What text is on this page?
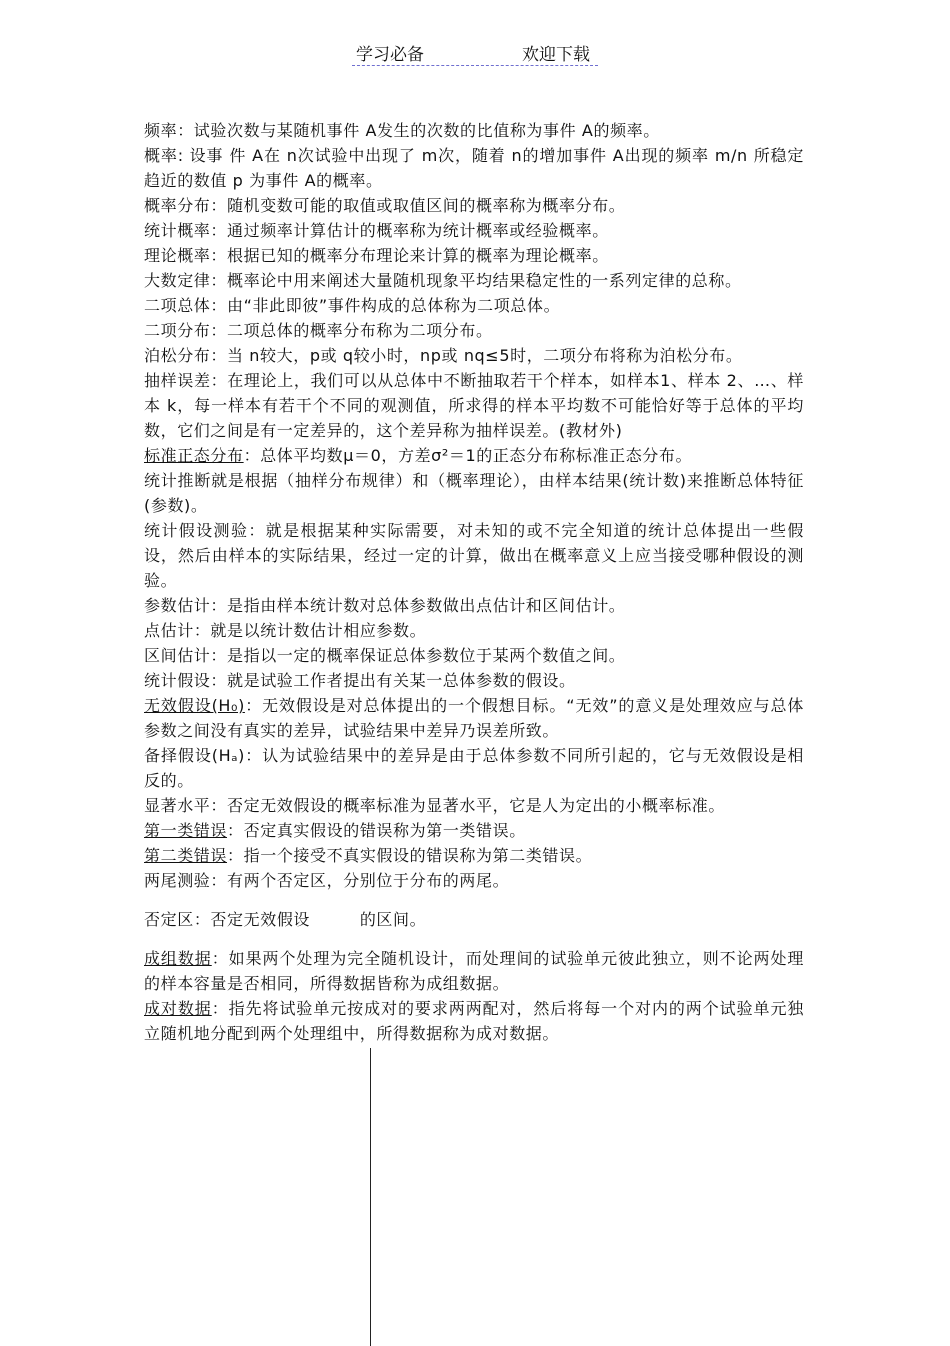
学习必备	欢迎下载

频率：试验次数与某随机事件 A发生的次数的比值称为事件 A的频率。

概率: 设事 件 A在 n次试验中出现了 m次，随着 n的增加事件 A出现的频率 m/n 所稳定趋近的数值 p 为事件 A的概率。

概率分布：随机变数可能的取值或取值区间的概率称为概率分布。

统计概率：通过频率计算估计的概率称为统计概率或经验概率。

理论概率：根据已知的概率分布理论来计算的概率为理论概率。

大数定律：概率论中用来阐述大量随机现象平均结果稳定性的一系列定律的总称。

二项总体：由“非此即彼”事件构成的总体称为二项总体。

二项分布：二项总体的概率分布称为二项分布。

泊松分布：当 n较大，p或 q较小时，np或 nq≤5时，二项分布将称为泊松分布。

抽样误差：在理论上，我们可以从总体中不断抽取若干个样本，如样本1、样本 2、…、样本 k，每一样本有若干个不同的观测值，所求得的样本平均数不可能恰好等于总体的平均数，它们之间是有一定差异的，这个差异称为抽样误差。(教材外)

标准正态分布：总体平均数μ＝0，方差σ²＝1的正态分布称标准正态分布。

统计推断就是根据（抽样分布规律）和（概率理论），由样本结果(统计数)来推断总体特征(参数)。

统计假设测验：就是根据某种实际需要，对未知的或不完全知道的统计总体提出一些假设，然后由样本的实际结果，经过一定的计算，做出在概率意义上应当接受哪种假设的测验。

参数估计：是指由样本统计数对总体参数做出点估计和区间估计。

点估计：就是以统计数估计相应参数。

区间估计：是指以一定的概率保证总体参数位于某两个数值之间。

统计假设：就是试验工作者提出有关某一总体参数的假设。

无效假设(H₀)：无效假设是对总体提出的一个假想目标。“无效”的意义是处理效应与总体参数之间没有真实的差异，试验结果中差异乃误差所致。

备择假设(Hₐ)：认为试验结果中的差异是由于总体参数不同所引起的，它与无效假设是相反的。

显著水平：否定无效假设的概率标准为显著水平，它是人为定出的小概率标准。

第一类错误：否定真实假设的错误称为第一类错误。

第二类错误：指一个接受不真实假设的错误称为第二类错误。

两尾测验：有两个否定区，分别位于分布的两尾。

否定区：否定无效假设　　　的区间。

成组数据：如果两个处理为完全随机设计，而处理间的试验单元彼此独立，则不论两处理的样本容量是否相同，所得数据皆称为成组数据。

成对数据：指先将试验单元按成对的要求两两配对，然后将每一个对内的两个试验单元独立随机地分配到两个处理组中，所得数据称为成对数据。
